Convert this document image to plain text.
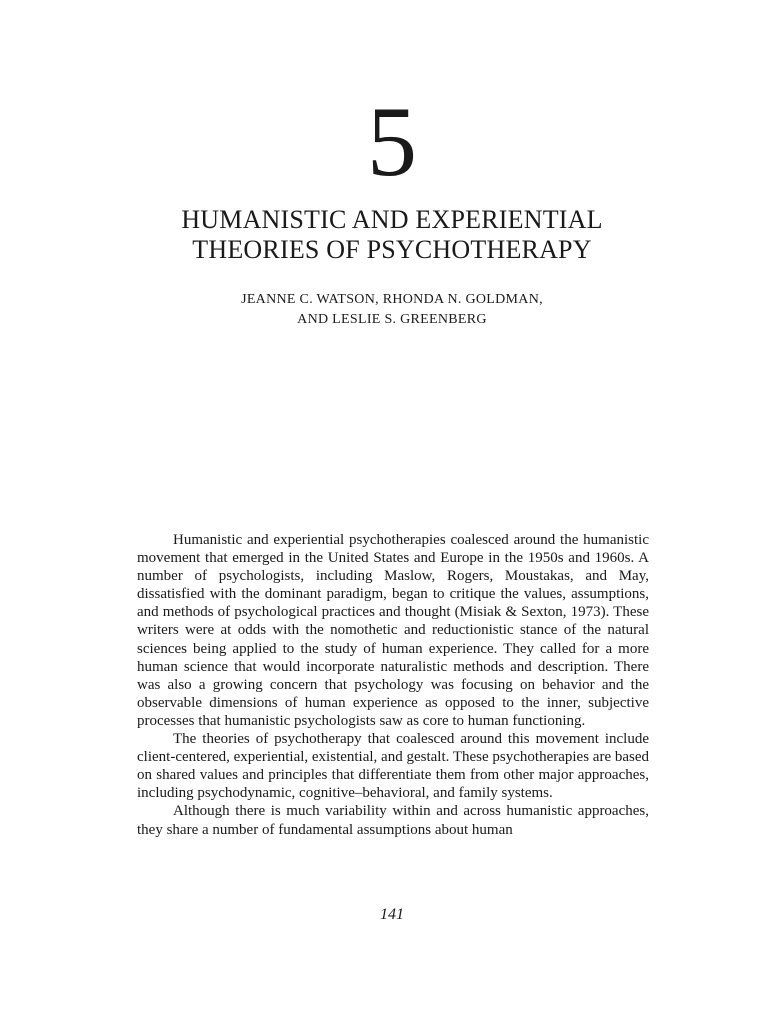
5
HUMANISTIC AND EXPERIENTIAL
THEORIES OF PSYCHOTHERAPY
JEANNE C. WATSON, RHONDA N. GOLDMAN,
AND LESLIE S. GREENBERG

Humanistic and experiential psychotherapies coalesced around the humanistic movement that emerged in the United States and Europe in the 1950s and 1960s. A number of psychologists, including Maslow, Rogers, Moustakas, and May, dissatisfied with the dominant paradigm, began to critique the values, assumptions, and methods of psychological practices and thought (Misiak & Sexton, 1973). These writers were at odds with the nomothetic and reductionistic stance of the natural sciences being applied to the study of human experience. They called for a more human science that would incorporate naturalistic methods and description. There was also a growing concern that psychology was focusing on behavior and the observable dimensions of human experience as opposed to the inner, subjective processes that humanistic psychologists saw as core to human functioning.

The theories of psychotherapy that coalesced around this movement include client-centered, experiential, existential, and gestalt. These psychotherapies are based on shared values and principles that differentiate them from other major approaches, including psychodynamic, cognitive–behavioral, and family systems.

Although there is much variability within and across humanistic approaches, they share a number of fundamental assumptions about human

141
